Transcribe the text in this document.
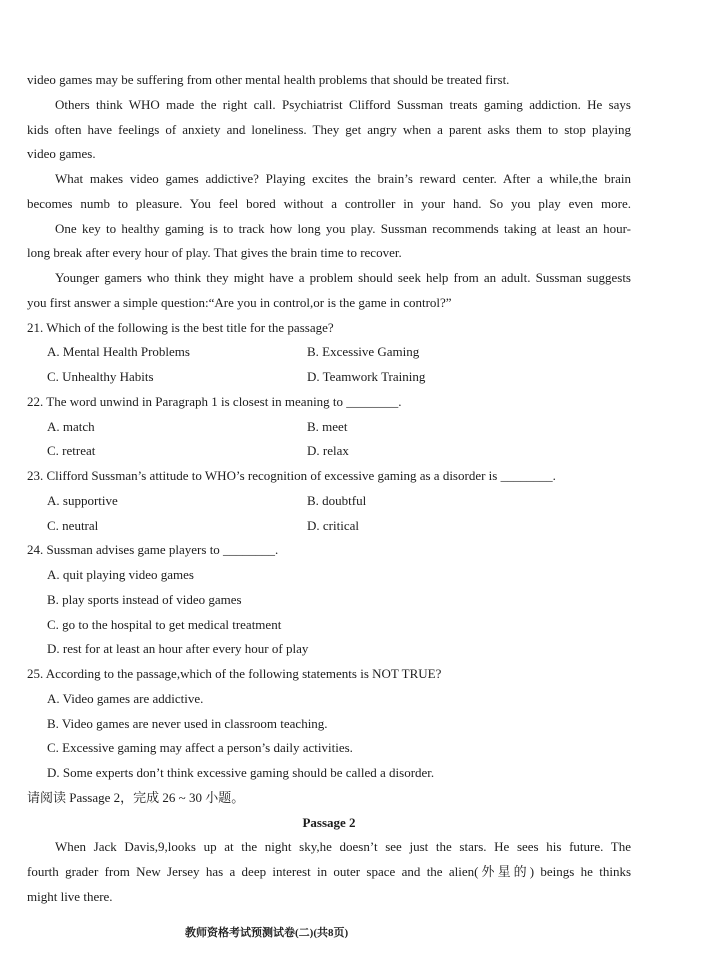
video games may be suffering from other mental health problems that should be treated first.
Others think WHO made the right call. Psychiatrist Clifford Sussman treats gaming addiction. He says
kids often have feelings of anxiety and loneliness. They get angry when a parent asks them to stop playing
video games.
What makes video games addictive? Playing excites the brain’s reward center. After a while,the brain
becomes numb to pleasure. You feel bored without a controller in your hand. So you play even more.
One key to healthy gaming is to track how long you play. Sussman recommends taking at least an hour-
long break after every hour of play. That gives the brain time to recover.
Younger gamers who think they might have a problem should seek help from an adult. Sussman suggests
you first answer a simple question:“Are you in control,or is the game in control?”
21. Which of the following is the best title for the passage?
A. Mental Health Problems	B. Excessive Gaming
C. Unhealthy Habits	D. Teamwork Training
22. The word unwind in Paragraph 1 is closest in meaning to ________.
A. match	B. meet
C. retreat	D. relax
23. Clifford Sussman’s attitude to WHO’s recognition of excessive gaming as a disorder is ________.
A. supportive	B. doubtful
C. neutral	D. critical
24. Sussman advises game players to ________.
A. quit playing video games
B. play sports instead of video games
C. go to the hospital to get medical treatment
D. rest for at least an hour after every hour of play
25. According to the passage,which of the following statements is NOT TRUE?
A. Video games are addictive.
B. Video games are never used in classroom teaching.
C. Excessive gaming may affect a person’s daily activities.
D. Some experts don’t think excessive gaming should be called a disorder.
请阅读 Passage 2，完成 26 ~ 30 小题。
Passage 2
When Jack Davis,9,looks up at the night sky,he doesn’t see just the stars. He sees his future. The
fourth grader from New Jersey has a deep interest in outer space and the alien(外星的) beings he thinks
might live there.
教师资格考试预测试卷(二)(共8页)
